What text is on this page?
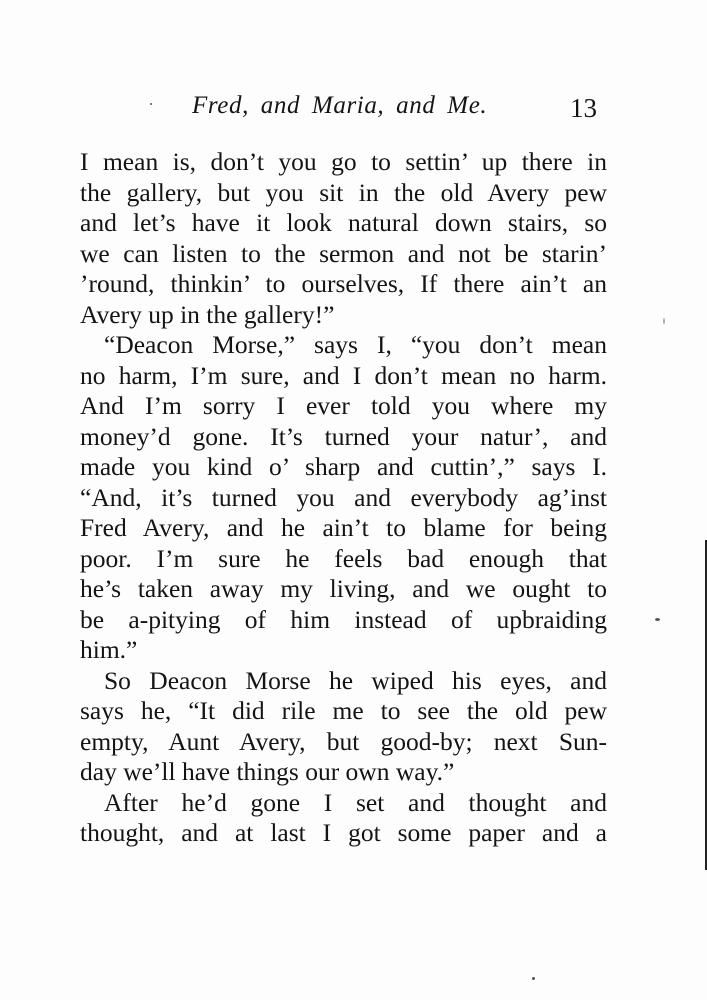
Fred, and Maria, and Me.	13
I mean is, don’t you go to settin’ up there in
the gallery, but you sit in the old Avery pew
and let’s have it look natural down stairs, so
we can listen to the sermon and not be starin’
’round, thinkin’ to ourselves, If there ain’t an
Avery up in the gallery!”
“Deacon Morse,” says I, “you don’t mean
no harm, I’m sure, and I don’t mean no harm.
And I’m sorry I ever told you where my
money’d gone. It’s turned your natur’, and
made you kind o’ sharp and cuttin’,” says I.
“And, it’s turned you and everybody ag’inst
Fred Avery, and he ain’t to blame for being
poor. I’m sure he feels bad enough that
he’s taken away my living, and we ought to
be a-pitying of him instead of upbraiding
him.”
So Deacon Morse he wiped his eyes, and
says he, “It did rile me to see the old pew
empty, Aunt Avery, but good-by; next Sun-
day we’ll have things our own way.”
After he’d gone I set and thought and
thought, and at last I got some paper and a
